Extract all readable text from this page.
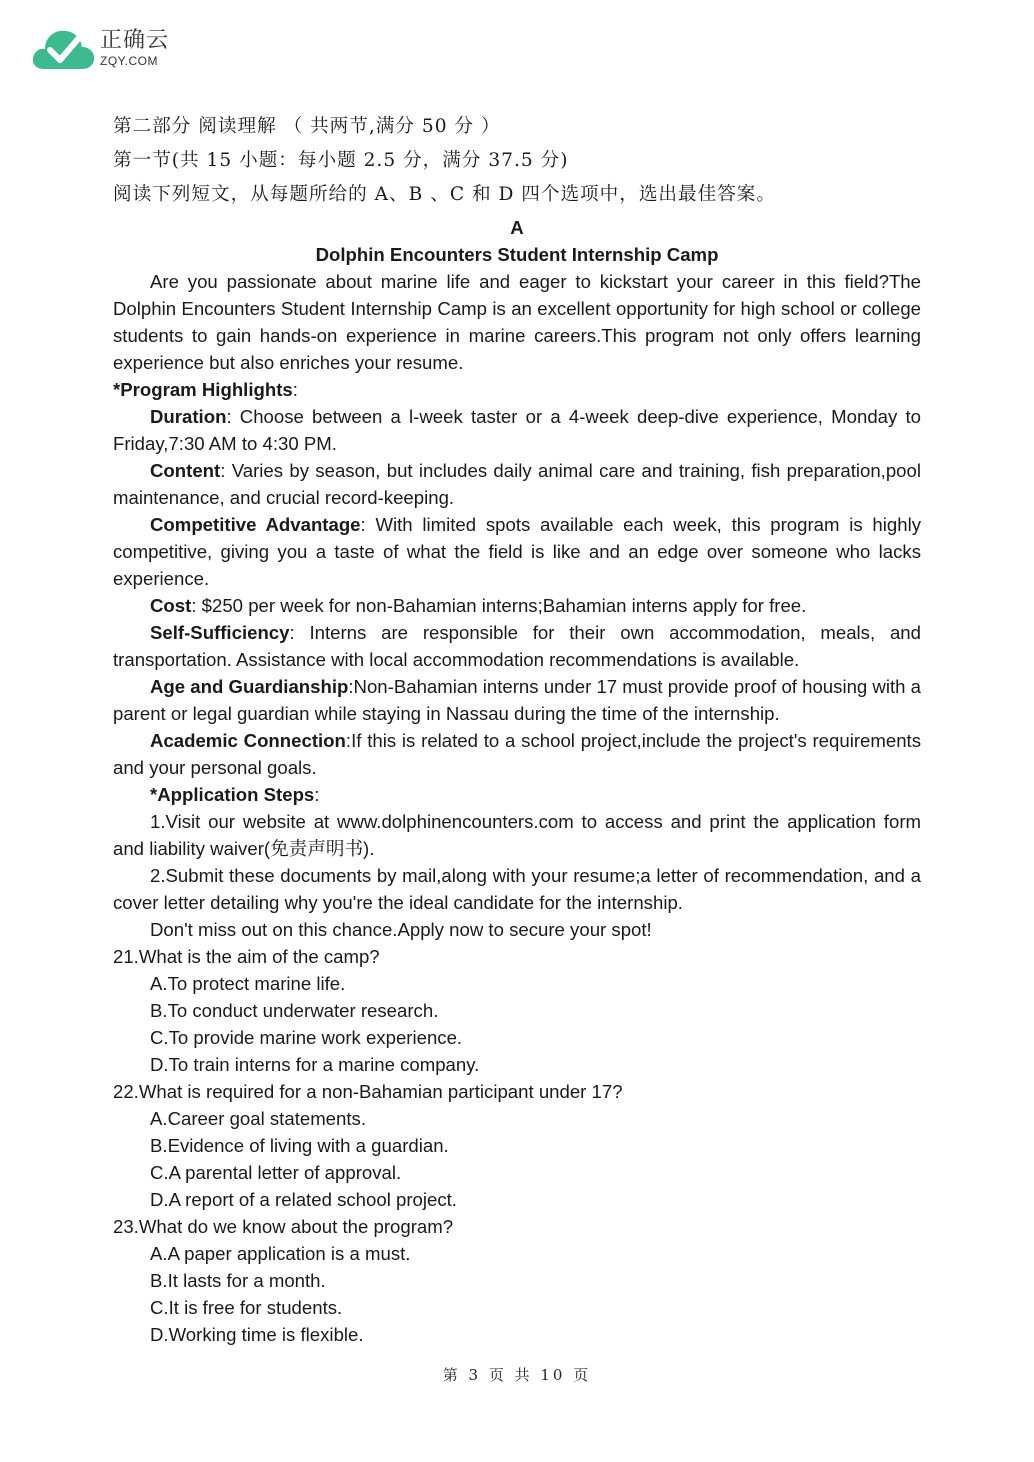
正确云
ZQY.COM
第二部分 阅读理解 （ 共两节,满分 50 分 ）
第一节(共 15 小题：每小题 2.5 分，满分 37.5 分)
阅读下列短文，从每题所给的 A、B 、C 和 D 四个选项中，选出最佳答案。
A
Dolphin Encounters Student Internship Camp

Are you passionate about marine life and eager to kickstart your career in this field?The Dolphin Encounters Student Internship Camp is an excellent opportunity for high school or college students to gain hands-on experience in marine careers.This program not only offers learning experience but also enriches your resume.

*Program Highlights:

Duration: Choose between a l-week taster or a 4-week deep-dive experience, Monday to Friday,7:30 AM to 4:30 PM.

Content: Varies by season, but includes daily animal care and training, fish preparation,pool maintenance, and crucial record-keeping.

Competitive Advantage: With limited spots available each week, this program is highly competitive, giving you a taste of what the field is like and an edge over someone who lacks experience.

Cost: $250 per week for non-Bahamian interns;Bahamian interns apply for free.

Self-Sufficiency: Interns are responsible for their own accommodation, meals, and transportation. Assistance with local accommodation recommendations is available.

Age and Guardianship:Non-Bahamian interns under 17 must provide proof of housing with a parent or legal guardian while staying in Nassau during the time of the internship.

Academic Connection:If this is related to a school project,include the project's requirements and your personal goals.

*Application Steps:

1.Visit our website at www.dolphinencounters.com to access and print the application form and liability waiver(免责声明书).

2.Submit these documents by mail,along with your resume;a letter of recommendation, and a cover letter detailing why you're the ideal candidate for the internship.

Don't miss out on this chance.Apply now to secure your spot!

21.What is the aim of the camp?

A.To protect marine life.

B.To conduct underwater research.

C.To provide marine work experience.

D.To train interns for a marine company.

22.What is required for a non-Bahamian participant under 17?

A.Career goal statements.

B.Evidence of living with a guardian.

C.A parental letter of approval.

D.A report of a related school project.

23.What do we know about the program?

A.A paper application is a must.

B.It lasts for a month.

C.It is free for students.

D.Working time is flexible.

第 3 页 共 10 页
